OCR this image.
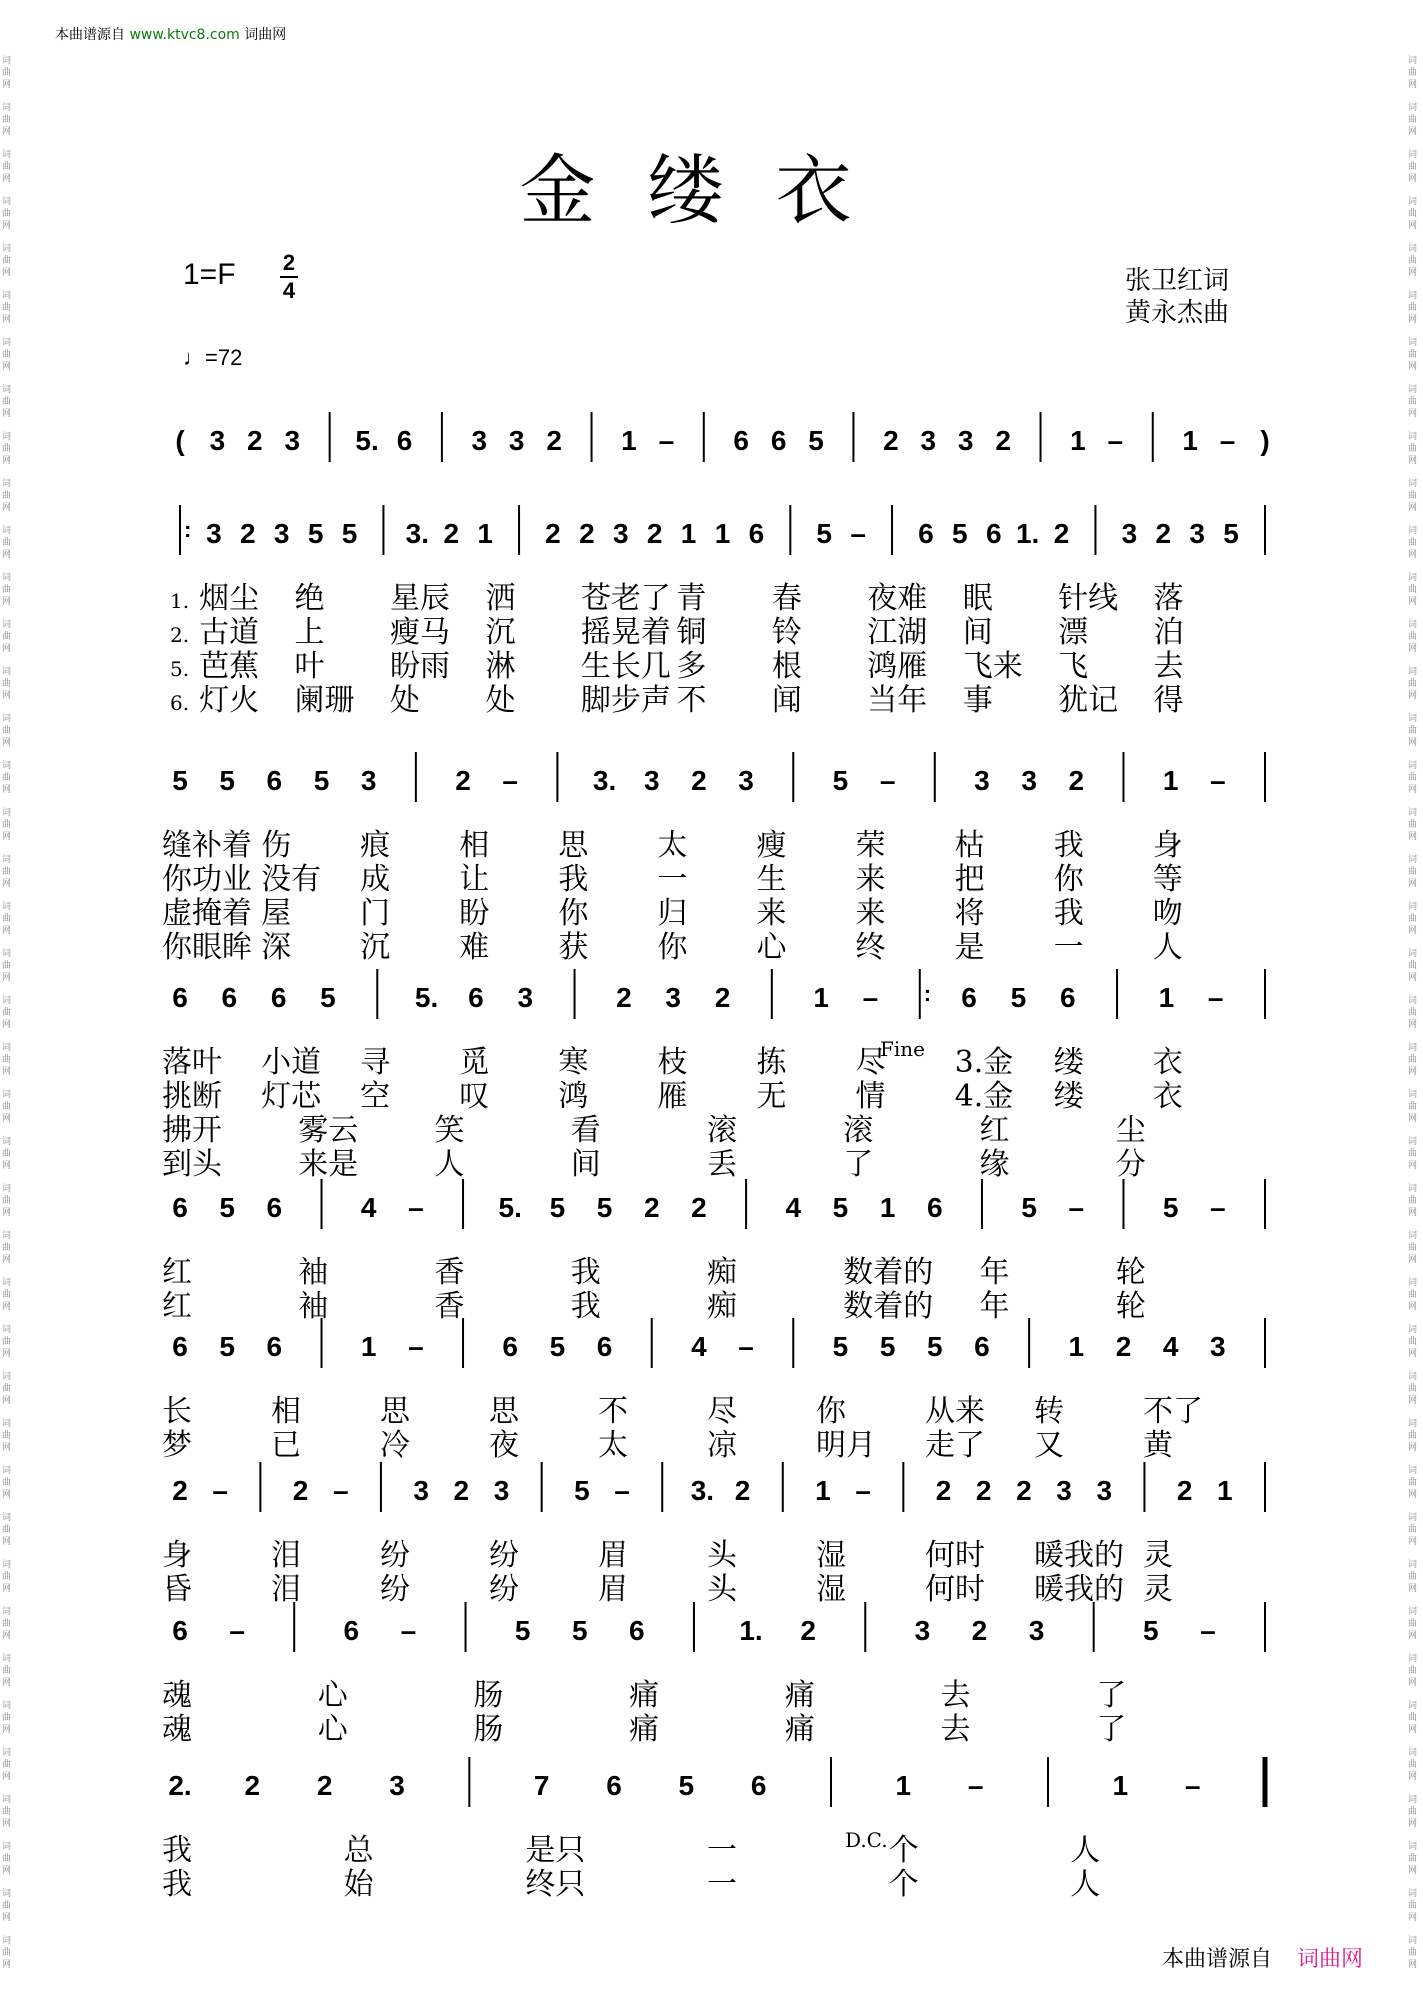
本曲谱源自 www.ktvc8.com 词曲网
词曲网
词曲网
词曲网
词曲网
词曲网
词曲网
词曲网
词曲网
词曲网
词曲网
词曲网
词曲网
词曲网
词曲网
词曲网
词曲网
词曲网
词曲网
词曲网
词曲网
词曲网
词曲网
词曲网
词曲网
词曲网
词曲网
词曲网
词曲网
词曲网
词曲网
词曲网
词曲网
词曲网
词曲网
词曲网
词曲网
词曲网
词曲网
词曲网
词曲网
词曲网
词曲网
词曲网
词曲网
词曲网
词曲网
词曲网
词曲网
词曲网
词曲网
词曲网
词曲网
词曲网
词曲网
词曲网
词曲网
词曲网
词曲网
词曲网
词曲网
词曲网
词曲网
词曲网
词曲网
词曲网
词曲网
词曲网
词曲网
词曲网
词曲网
词曲网
词曲网
词曲网
词曲网
词曲网
词曲网
词曲网
词曲网
词曲网
词曲网
词曲网
词曲网
金缕衣
1=F 2
4
♩=72
张卫红词
黄永杰曲
( 3 2 3 5. 6 3 3 2 1 – 6 6 5 2 3 3 2 1 – 1 – )
: 3 2 3 5 5 3. 2 1 2 2 3 2 1 1 6 5 – 6 5 6 1. 2 3 2 3 5
5 5 6 5 3	2 –	3. 3 2 3	5 –	3 3 2	1 –
6 6 6 5	5. 6 3	2 3 2	1 – : 6 5 6	1 –
6 5 6	4 –	5. 5 5 2 2	4 5 1 6	5 –	5 –
6 5 6	1 –	6 5 6	4 –	5 5 5 6	1 2 4 3
2 – 2 – 3 2 3 5 – 3. 2 1 – 2 2 2 3 3 2 1
6 –	6 –	5 5 6	1. 2	3 2 3	5 –
2. 2 2 3	7 6 5 6	1 –	1 –
1. 烟尘 绝 星辰 洒 苍老了 青 春 夜难 眠 针线 落
2. 古道 上 瘦马 沉 摇晃着 铜 铃 江湖 间 漂 泊
5. 芭蕉 叶 盼雨 淋 生长几 多 根 鸿雁 飞来 飞 去
6. 灯火 阑珊 处 处 脚步声 不 闻 当年 事 犹记 得
缝补着 伤 痕 相 思 太 瘦 荣 枯 我 身
你功业 没有 成 让 我 一 生 来 把 你 等
虚掩着 屋 门 盼 你 归 来 来 将 我 吻
你眼眸 深 沉 难 获 你 心 终 是 一 人
落叶 小道 寻 觅 寒 枝 拣 尽 3.金 缕 衣
挑断 灯芯 空 叹 鸿 雁 无 情 4.金 缕 衣
拂开	雾云	笑	看	滚	滚	红	尘
到头	来是	人	间	丢	了	缘	分
红	袖	香	我	痴	数着的 年	轮
红	袖	香	我	痴	数着的 年	轮
长	相	思	思	不	尽	你	从来 转	不了
梦	已	冷	夜	太	凉	明月 走了 又	黄
身	泪	纷	纷	眉	头	湿	何时 暖我的 灵
昏	泪	纷	纷	眉	头	湿	何时 暖我的 灵
魂	心	肠	痛	痛	去	了
魂	心	肠	痛	痛	去	了
我	总	是只	一	个	人
我	始	终只	一	个	人
Fine
D.C.
本曲谱源自 词曲网
